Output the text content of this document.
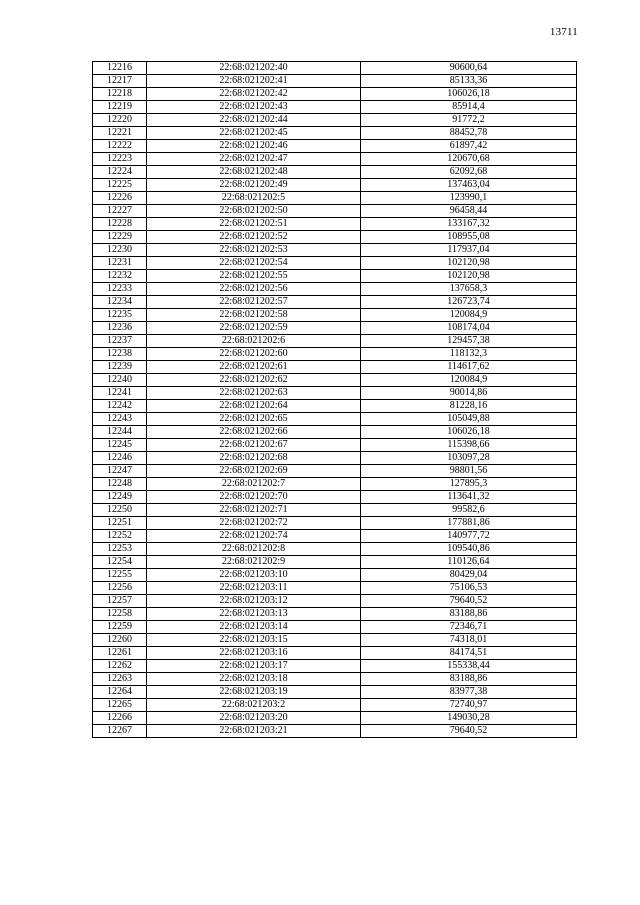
13711
12216	22:68:021202:40	90600,64
12217	22:68:021202:41	85133,36
12218	22:68:021202:42	106026,18
12219	22:68:021202:43	85914,4
12220	22:68:021202:44	91772,2
12221	22:68:021202:45	88452,78
12222	22:68:021202:46	61897,42
12223	22:68:021202:47	120670,68
12224	22:68:021202:48	62092,68
12225	22:68:021202:49	137463,04
12226	22:68:021202:5	123990,1
12227	22:68:021202:50	96458,44
12228	22:68:021202:51	133167,32
12229	22:68:021202:52	108955,08
12230	22:68:021202:53	117937,04
12231	22:68:021202:54	102120,98
12232	22:68:021202:55	102120,98
12233	22:68:021202:56	137658,3
12234	22:68:021202:57	126723,74
12235	22:68:021202:58	120084,9
12236	22:68:021202:59	108174,04
12237	22:68:021202:6	129457,38
12238	22:68:021202:60	118132,3
12239	22:68:021202:61	114617,62
12240	22:68:021202:62	120084,9
12241	22:68:021202:63	90014,86
12242	22:68:021202:64	81228,16
12243	22:68:021202:65	105049,88
12244	22:68:021202:66	106026,18
12245	22:68:021202:67	115398,66
12246	22:68:021202:68	103097,28
12247	22:68:021202:69	98801,56
12248	22:68:021202:7	127895,3
12249	22:68:021202:70	113641,32
12250	22:68:021202:71	99582,6
12251	22:68:021202:72	177881,86
12252	22:68:021202:74	140977,72
12253	22:68:021202:8	109540,86
12254	22:68:021202:9	110126,64
12255	22:68:021203:10	80429,04
12256	22:68:021203:11	75106,53
12257	22:68:021203:12	79640,52
12258	22:68:021203:13	83188,86
12259	22:68:021203:14	72346,71
12260	22:68:021203:15	74318,01
12261	22:68:021203:16	84174,51
12262	22:68:021203:17	155338,44
12263	22:68:021203:18	83188,86
12264	22:68:021203:19	83977,38
12265	22:68:021203:2	72740,97
12266	22:68:021203:20	149030,28
12267	22:68:021203:21	79640,52
